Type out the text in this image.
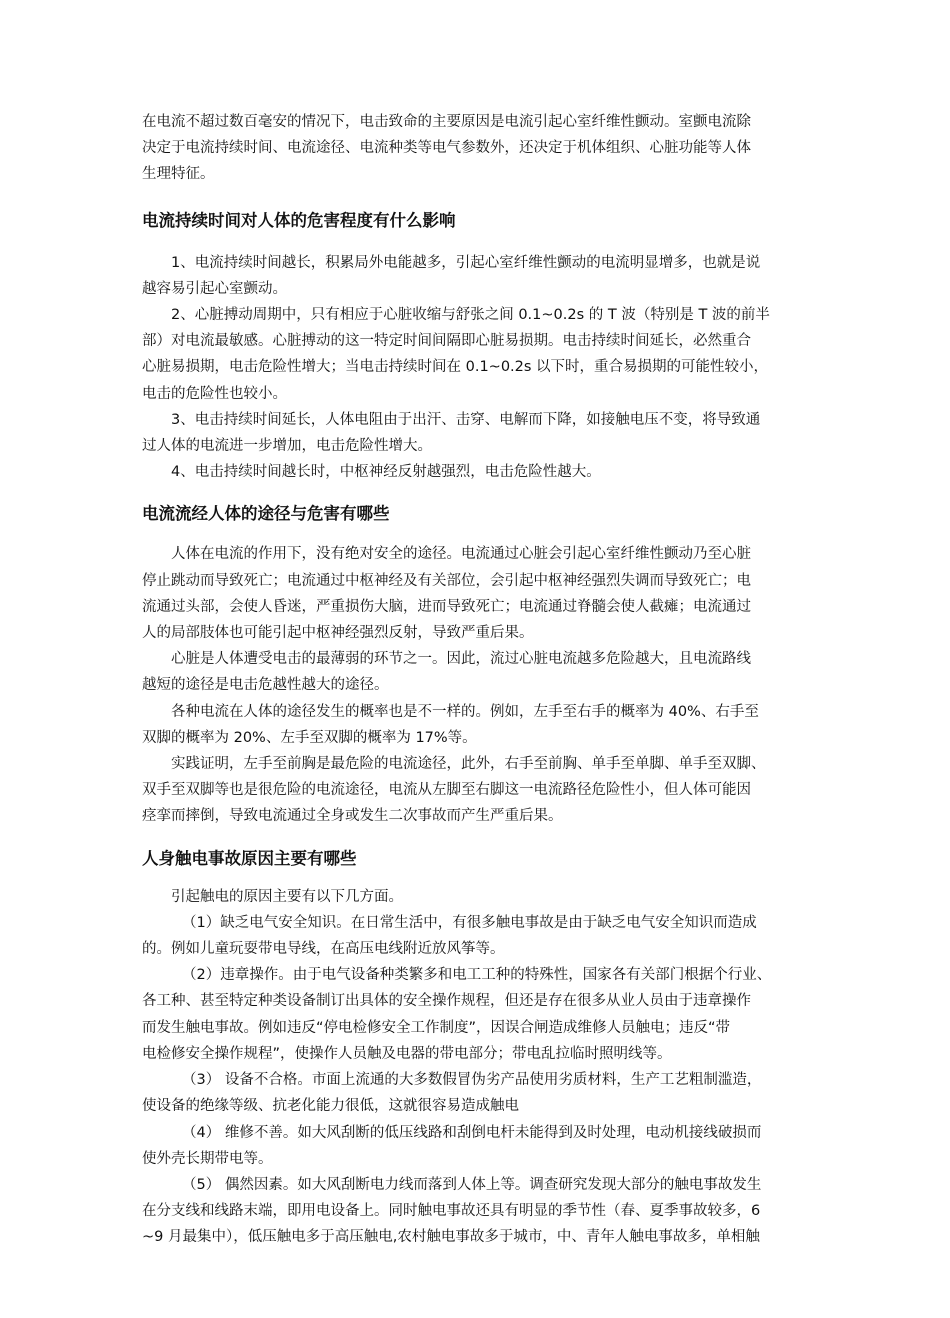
在电流不超过数百毫安的情况下，电击致命的主要原因是电流引起心室纤维性颤动。室颤电流除
决定于电流持续时间、电流途径、电流种类等电气参数外，还决定于机体组织、心脏功能等人体
生理特征。

电流持续时间对人体的危害程度有什么影响

1、电流持续时间越长，积累局外电能越多，引起心室纤维性颤动的电流明显增多，也就是说
越容易引起心室颤动。

2、心脏搏动周期中，只有相应于心脏收缩与舒张之间 0.1~0.2s 的 T 波（特别是 T 波的前半
部）对电流最敏感。心脏搏动的这一特定时间间隔即心脏易损期。电击持续时间延长，必然重合
心脏易损期，电击危险性增大；当电击持续时间在 0.1~0.2s 以下时，重合易损期的可能性较小，
电击的危险性也较小。

3、电击持续时间延长，人体电阻由于出汗、击穿、电解而下降，如接触电压不变，将导致通
过人体的电流进一步增加，电击危险性增大。

4、电击持续时间越长时，中枢神经反射越强烈，电击危险性越大。

电流流经人体的途径与危害有哪些

人体在电流的作用下，没有绝对安全的途径。电流通过心脏会引起心室纤维性颤动乃至心脏
停止跳动而导致死亡；电流通过中枢神经及有关部位，会引起中枢神经强烈失调而导致死亡；电
流通过头部，会使人昏迷，严重损伤大脑，进而导致死亡；电流通过脊髓会使人截瘫；电流通过
人的局部肢体也可能引起中枢神经强烈反射，导致严重后果。

心脏是人体遭受电击的最薄弱的环节之一。因此，流过心脏电流越多危险越大，且电流路线
越短的途径是电击危越性越大的途径。

各种电流在人体的途径发生的概率也是不一样的。例如，左手至右手的概率为 40%、右手至
双脚的概率为 20%、左手至双脚的概率为 17%等。

实践证明，左手至前胸是最危险的电流途径，此外，右手至前胸、单手至单脚、单手至双脚、
双手至双脚等也是很危险的电流途径，电流从左脚至右脚这一电流路径危险性小，但人体可能因
痉挛而摔倒，导致电流通过全身或发生二次事故而产生严重后果。

人身触电事故原因主要有哪些

引起触电的原因主要有以下几方面。

（1）缺乏电气安全知识。在日常生活中，有很多触电事故是由于缺乏电气安全知识而造成
的。例如儿童玩耍带电导线，在高压电线附近放风筝等。

（2）违章操作。由于电气设备种类繁多和电工工种的特殊性，国家各有关部门根据个行业、
各工种、甚至特定种类设备制订出具体的安全操作规程，但还是存在很多从业人员由于违章操作
而发生触电事故。例如违反“停电检修安全工作制度”，因误合闸造成维修人员触电；违反“带
电检修安全操作规程”，使操作人员触及电器的带电部分；带电乱拉临时照明线等。

（3） 设备不合格。市面上流通的大多数假冒伪劣产品使用劣质材料，生产工艺粗制滥造，
使设备的绝缘等级、抗老化能力很低，这就很容易造成触电

（4） 维修不善。如大风刮断的低压线路和刮倒电杆未能得到及时处理，电动机接线破损而
使外壳长期带电等。

（5） 偶然因素。如大风刮断电力线而落到人体上等。调查研究发现大部分的触电事故发生
在分支线和线路末端，即用电设备上。同时触电事故还具有明显的季节性（春、夏季事故较多，6
~9 月最集中），低压触电多于高压触电,农村触电事故多于城市，中、青年人触电事故多，单相触
